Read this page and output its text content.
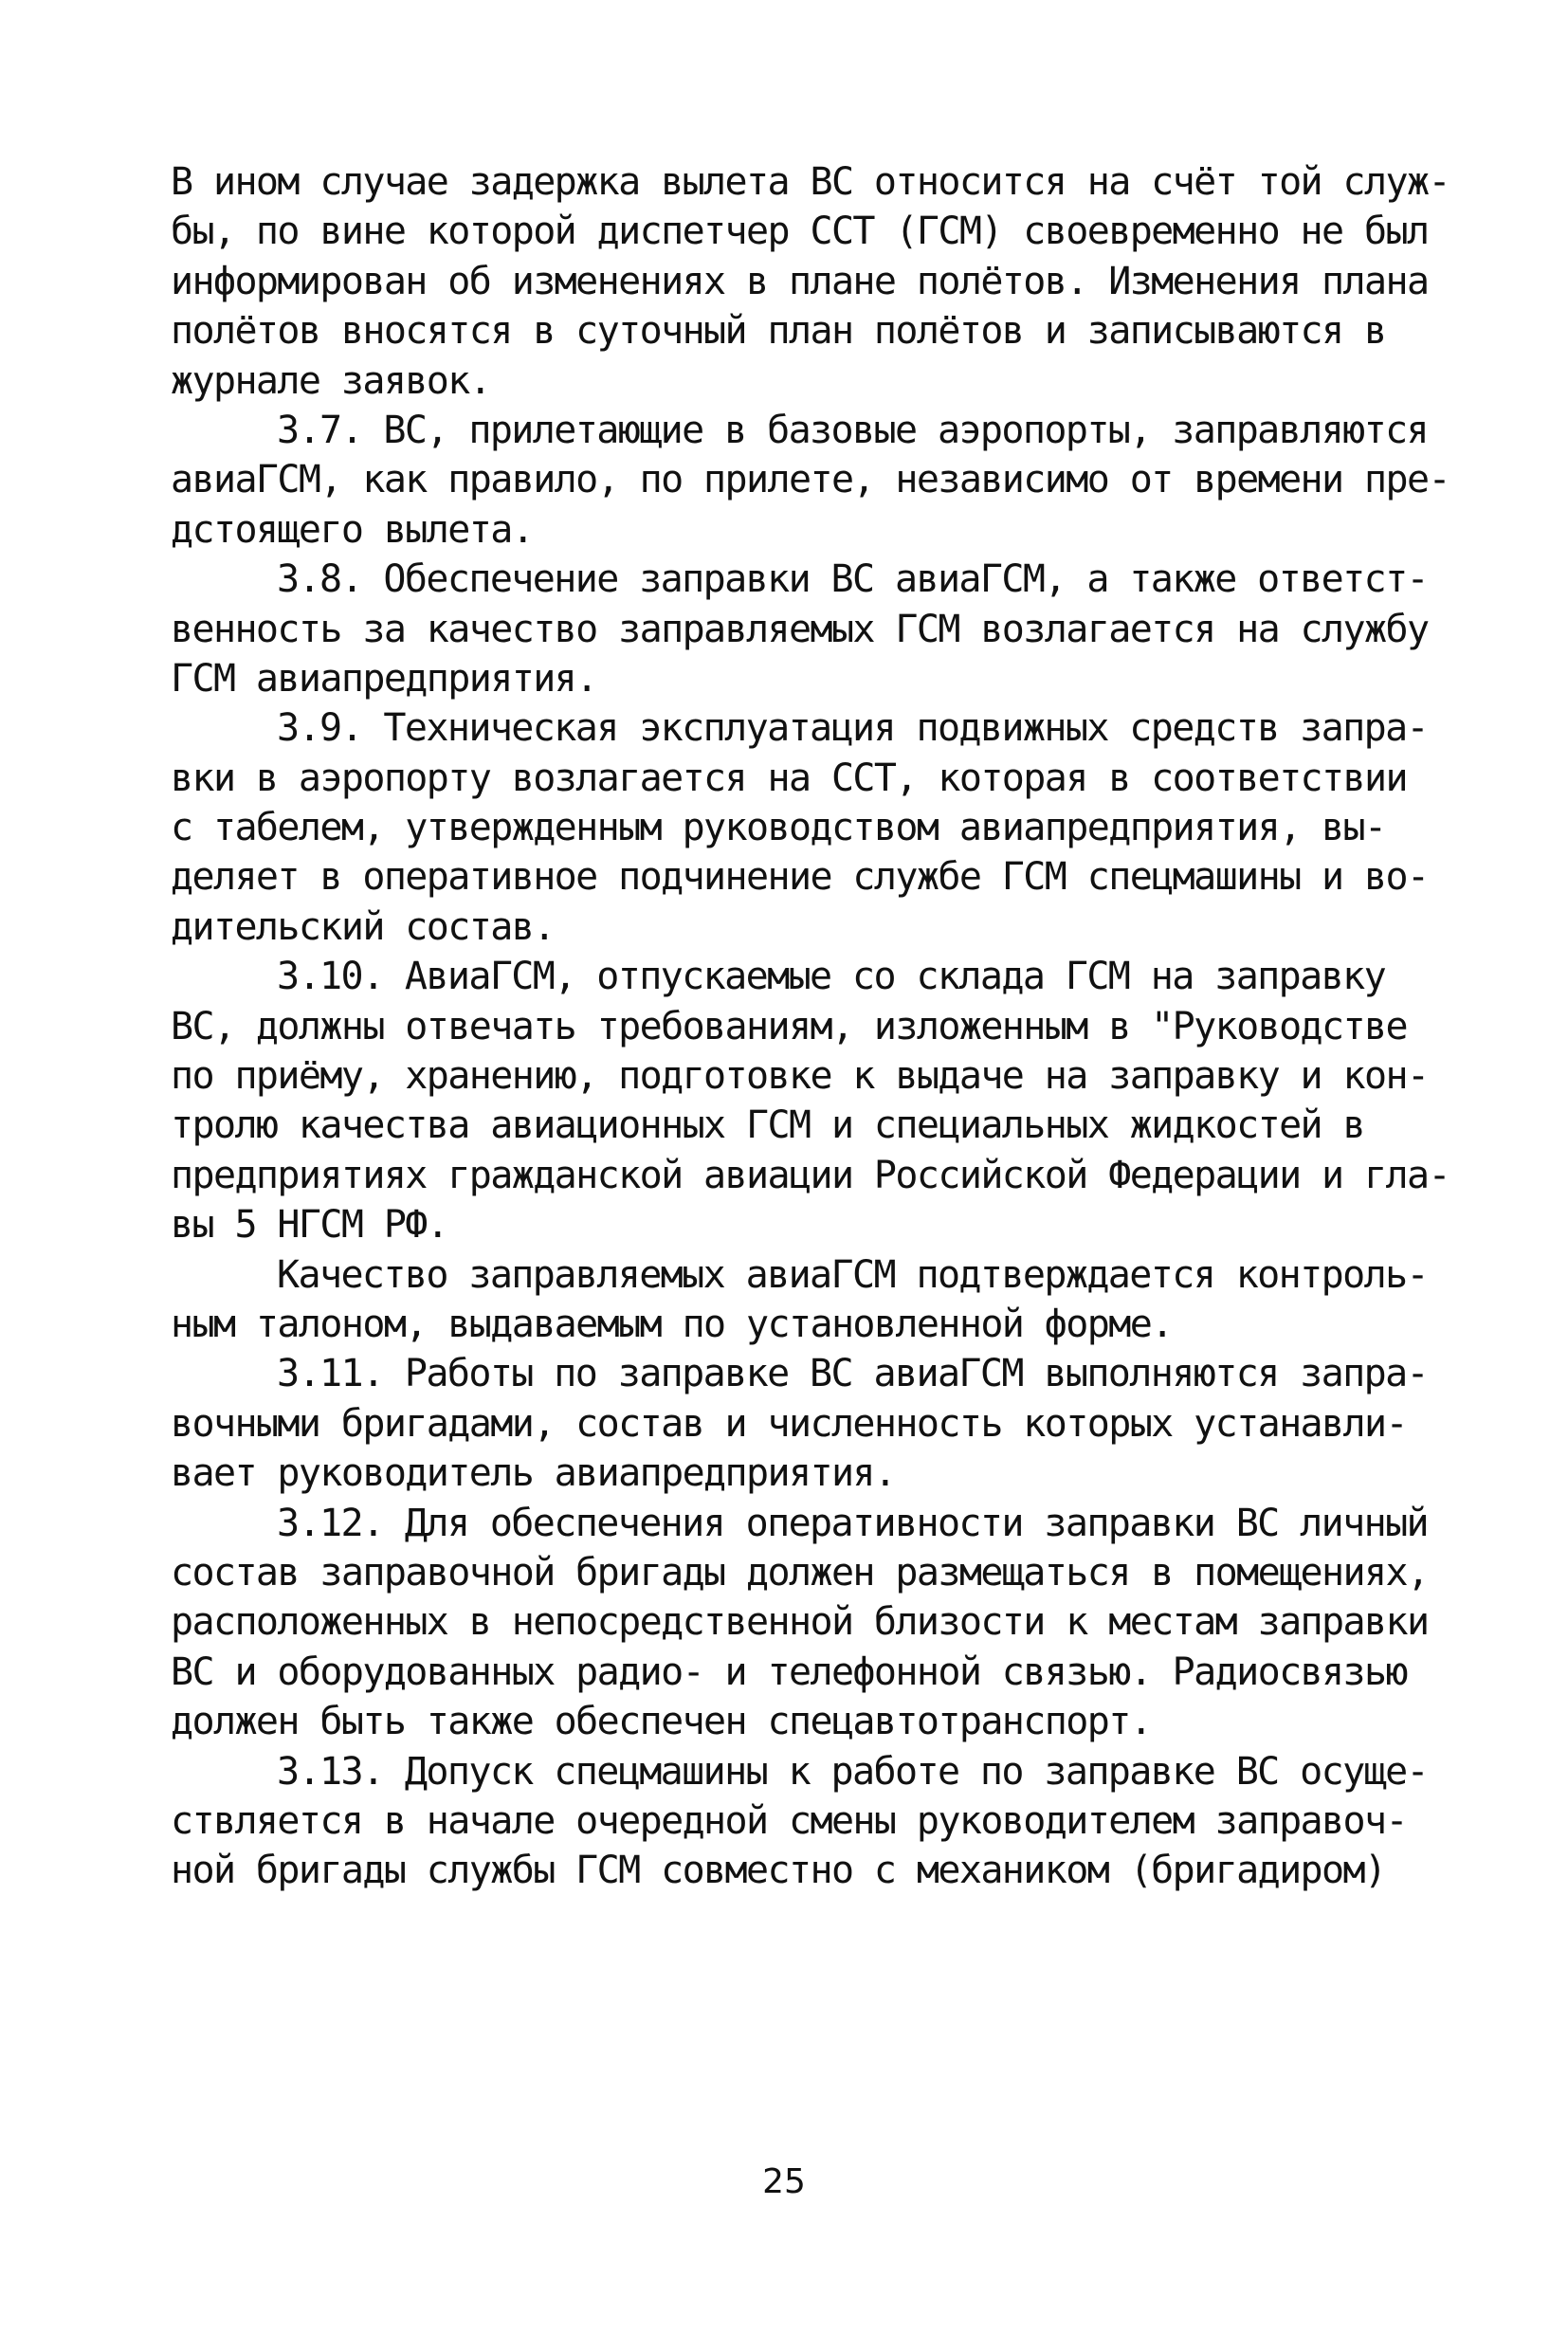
В ином случае задержка вылета ВС относится на счёт той служ-

бы, по вине которой диспетчер ССТ (ГСМ) своевременно не был

информирован об изменениях в плане полётов. Изменения плана

полётов вносятся в суточный план полётов и записываются в

журнале заявок.

3.7. ВС, прилетающие в базовые аэропорты, заправляются

авиаГСМ, как правило, по прилете, независимо от времени пре-

дстоящего вылета.

3.8. Обеспечение заправки ВС авиаГСМ, а также ответст-

венность за качество заправляемых ГСМ возлагается на службу

ГСМ авиапредприятия.

3.9. Техническая эксплуатация подвижных средств запра-

вки в аэропорту возлагается на ССТ, которая в соответствии

с табелем, утвержденным руководством авиапредприятия, вы-

деляет в оперативное подчинение службе ГСМ спецмашины и во-

дительский состав.

3.10. АвиаГСМ, отпускаемые со склада ГСМ на заправку

ВС, должны отвечать требованиям, изложенным в "Руководстве

по приёму, хранению, подготовке к выдаче на заправку и кон-

тролю качества авиационных ГСМ и специальных жидкостей в

предприятиях гражданской авиации Российской Федерации и гла-

вы 5 НГСМ РФ.

Качество заправляемых авиаГСМ подтверждается контроль-

ным талоном, выдаваемым по установленной форме.

3.11. Работы по заправке ВС авиаГСМ выполняются запра-

вочными бригадами, состав и численность которых устанавли-

вает руководитель авиапредприятия.

3.12. Для обеспечения оперативности заправки ВС личный

состав заправочной бригады должен размещаться в помещениях,

расположенных в непосредственной близости к местам заправки

ВС и оборудованных радио- и телефонной связью. Радиосвязью

должен быть также обеспечен спецавтотранспорт.

3.13. Допуск спецмашины к работе по заправке ВС осуще-

ствляется в начале очередной смены руководителем заправоч-

ной бригады службы ГСМ совместно с механиком (бригадиром)

25
